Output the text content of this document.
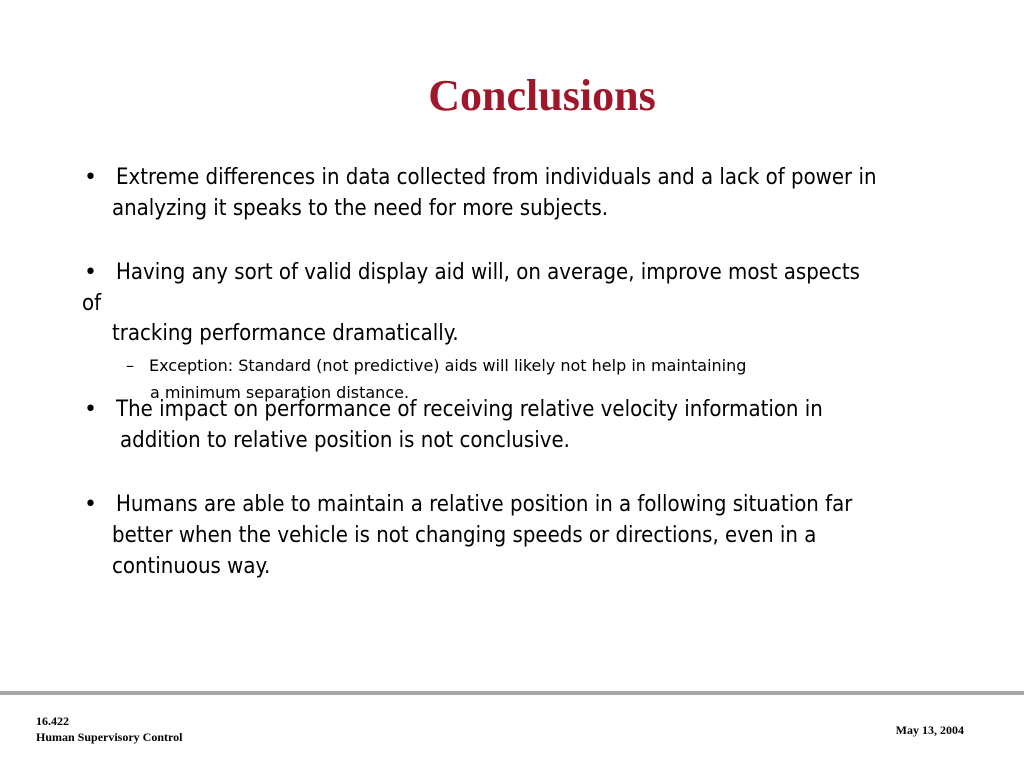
Conclusions
• Extreme differences in data collected from individuals and a lack of power in
analyzing it speaks to the need for more subjects.
• Having any sort of valid display aid will, on average, improve most aspects
of
tracking performance dramatically.
– Exception: Standard (not predictive) aids will likely not help in maintaining
a minimum separation distance.
• The impact on performance of receiving relative velocity information in
addition to relative position is not conclusive.
• Humans are able to maintain a relative position in a following situation far
better when the vehicle is not changing speeds or directions, even in a
continuous way.
16.422
Human Supervisory Control	May 13, 2004
